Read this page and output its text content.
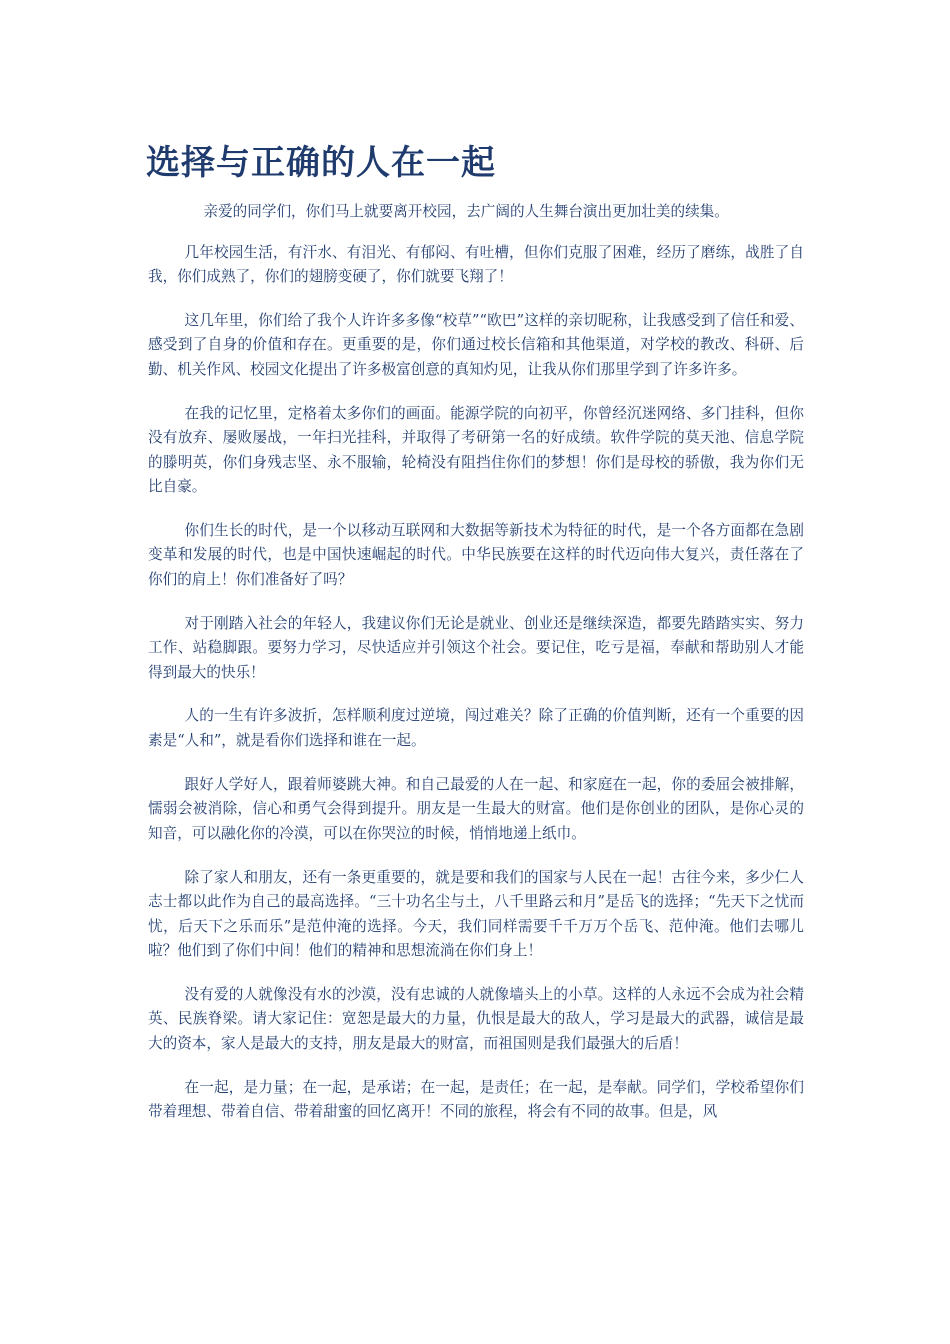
选择与正确的人在一起

亲爱的同学们，你们马上就要离开校园，去广阔的人生舞台演出更加壮美的续集。

几年校园生活，有汗水、有泪光、有郁闷、有吐槽，但你们克服了困难，经历了磨练，战胜了自我，你们成熟了，你们的翅膀变硬了，你们就要飞翔了！

这几年里，你们给了我个人许许多多像“校草”“欧巴”这样的亲切昵称，让我感受到了信任和爱、感受到了自身的价值和存在。更重要的是，你们通过校长信箱和其他渠道，对学校的教改、科研、后勤、机关作风、校园文化提出了许多极富创意的真知灼见，让我从你们那里学到了许多许多。

在我的记忆里，定格着太多你们的画面。能源学院的向初平，你曾经沉迷网络、多门挂科，但你没有放弃、屡败屡战，一年扫光挂科，并取得了考研第一名的好成绩。软件学院的莫天池、信息学院的滕明英，你们身残志坚、永不服输，轮椅没有阻挡住你们的梦想！你们是母校的骄傲，我为你们无比自豪。

你们生长的时代，是一个以移动互联网和大数据等新技术为特征的时代，是一个各方面都在急剧变革和发展的时代，也是中国快速崛起的时代。中华民族要在这样的时代迈向伟大复兴，责任落在了你们的肩上！你们准备好了吗？

对于刚踏入社会的年轻人，我建议你们无论是就业、创业还是继续深造，都要先踏踏实实、努力工作、站稳脚跟。要努力学习，尽快适应并引领这个社会。要记住，吃亏是福，奉献和帮助别人才能得到最大的快乐！

人的一生有许多波折，怎样顺利度过逆境，闯过难关？除了正确的价值判断，还有一个重要的因素是“人和”，就是看你们选择和谁在一起。

跟好人学好人，跟着师婆跳大神。和自己最爱的人在一起、和家庭在一起，你的委屈会被排解，懦弱会被消除，信心和勇气会得到提升。朋友是一生最大的财富。他们是你创业的团队，是你心灵的知音，可以融化你的冷漠，可以在你哭泣的时候，悄悄地递上纸巾。

除了家人和朋友，还有一条更重要的，就是要和我们的国家与人民在一起！古往今来，多少仁人志士都以此作为自己的最高选择。“三十功名尘与土，八千里路云和月”是岳飞的选择；“先天下之忧而忧，后天下之乐而乐”是范仲淹的选择。今天，我们同样需要千千万万个岳飞、范仲淹。他们去哪儿啦？他们到了你们中间！他们的精神和思想流淌在你们身上！

没有爱的人就像没有水的沙漠，没有忠诚的人就像墙头上的小草。这样的人永远不会成为社会精英、民族脊梁。请大家记住：宽恕是最大的力量，仇恨是最大的敌人，学习是最大的武器，诚信是最大的资本，家人是最大的支持，朋友是最大的财富，而祖国则是我们最强大的后盾！

在一起，是力量；在一起，是承诺；在一起，是责任；在一起，是奉献。同学们，学校希望你们带着理想、带着自信、带着甜蜜的回忆离开！不同的旅程，将会有不同的故事。但是，风
